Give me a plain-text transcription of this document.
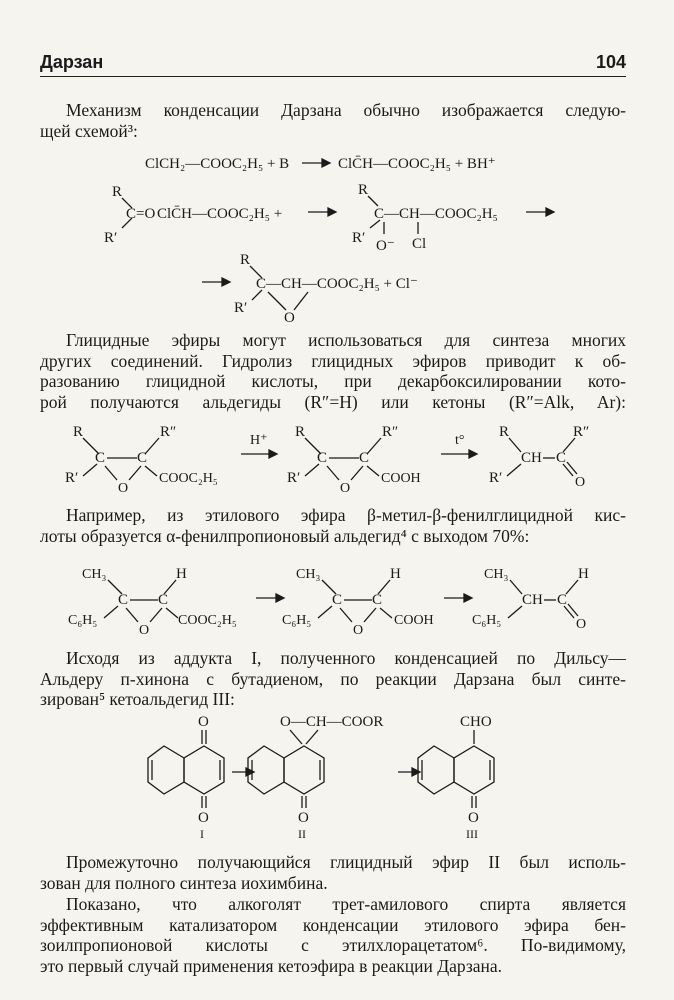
Дарзан	104
Механизм конденсации Дарзана обычно изображается следую-
щей схемой³:
ClCH₂—COOC₂H₅ + B	ClC̄H—COOC₂H₅ + BH⁺
R
C=O ClC̄H—COOC₂H₅ +
R′
R
C—CH—COOC₂H₅
R′ O⁻ Cl
R
C—CH—COOC₂H₅ + Cl⁻
R′
O
Глицидные эфиры могут использоваться для синтеза многих
других соединений. Гидролиз глицидных эфиров приводит к об-
разованию глицидной кислоты, при декарбоксилировании кото-
рой получаются альдегиды (R″=H) или кетоны (R″=Alk, Ar):
R	R″
C C
R′
O
COOC₂H₅
H⁺
R	R″
C C
R′
O
COOH
t°
R
CH C
R″
R′	O
Например, из этилового эфира β-метил-β-фенилглицидной кис-
лоты образуется α-фенилпропионовый альдегид⁴ с выходом 70%:
CH₃
C C
H
C₆H₅
O
COOC₂H₅
CH₃
C C
H
C₆H₅
O
COOH
CH₃
CH C
H
C₆H₅	O
Исходя из аддукта I, полученного конденсацией по Дильсу—
Альдеру п-хинона с бутадиеном, по реакции Дарзана был синте-
зирован⁵ кетоальдегид III:
O
O
I
O—CH—COOR
O
II
CHO
O
III
Промежуточно получающийся глицидный эфир II был исполь-
зован для полного синтеза иохимбина.
Показано, что алкоголят трет-амилового спирта является
эффективным катализатором конденсации этилового эфира бен-
зоилпропионовой кислоты с этилхлорацетатом⁶. По-видимому,
это первый случай применения кетоэфира в реакции Дарзана.
